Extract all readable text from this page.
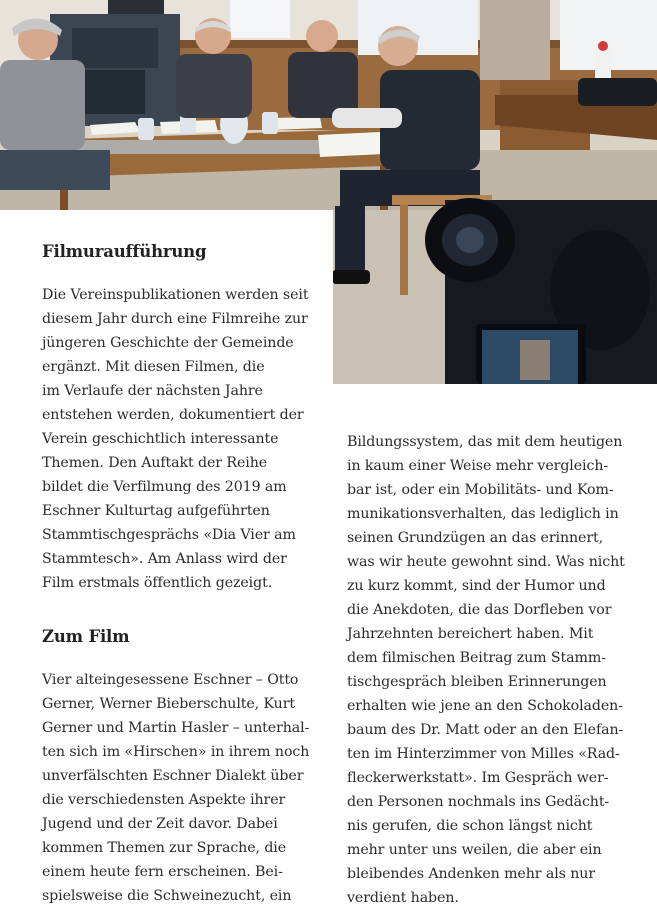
Filmuraufführung

Die Vereinspublikationen werden seit
diesem Jahr durch eine Filmreihe zur
jüngeren Geschichte der Gemeinde
ergänzt. Mit diesen Filmen, die
im Verlaufe der nächsten Jahre
entstehen werden, dokumentiert der
Verein geschichtlich interessante
Themen. Den Auftakt der Reihe
bildet die Verfilmung des 2019 am
Eschner Kulturtag aufgeführten
Stammtischgesprächs «Dia Vier am
Stammtesch». Am Anlass wird der
Film erstmals öffentlich gezeigt.

Zum Film

Vier alteingesessene Eschner – Otto
Gerner, Werner Bieberschulte, Kurt
Gerner und Martin Hasler – unterhal-
ten sich im «Hirschen» in ihrem noch
unverfälschten Eschner Dialekt über
die verschiedensten Aspekte ihrer
Jugend und der Zeit davor. Dabei
kommen Themen zur Sprache, die
einem heute fern erscheinen. Bei-
spielsweise die Schweinezucht, ein

Bildungssystem, das mit dem heutigen
in kaum einer Weise mehr vergleich-
bar ist, oder ein Mobilitäts- und Kom-
munikationsverhalten, das lediglich in
seinen Grundzügen an das erinnert,
was wir heute gewohnt sind. Was nicht
zu kurz kommt, sind der Humor und
die Anekdoten, die das Dorfleben vor
Jahrzehnten bereichert haben. Mit
dem filmischen Beitrag zum Stamm-
tischgespräch bleiben Erinnerungen
erhalten wie jene an den Schokoladen-
baum des Dr. Matt oder an den Elefan-
ten im Hinterzimmer von Milles «Rad-
fleckerwerkstatt». Im Gespräch wer-
den Personen nochmals ins Gedächt-
nis gerufen, die schon längst nicht
mehr unter uns weilen, die aber ein
bleibendes Andenken mehr als nur
verdient haben.
